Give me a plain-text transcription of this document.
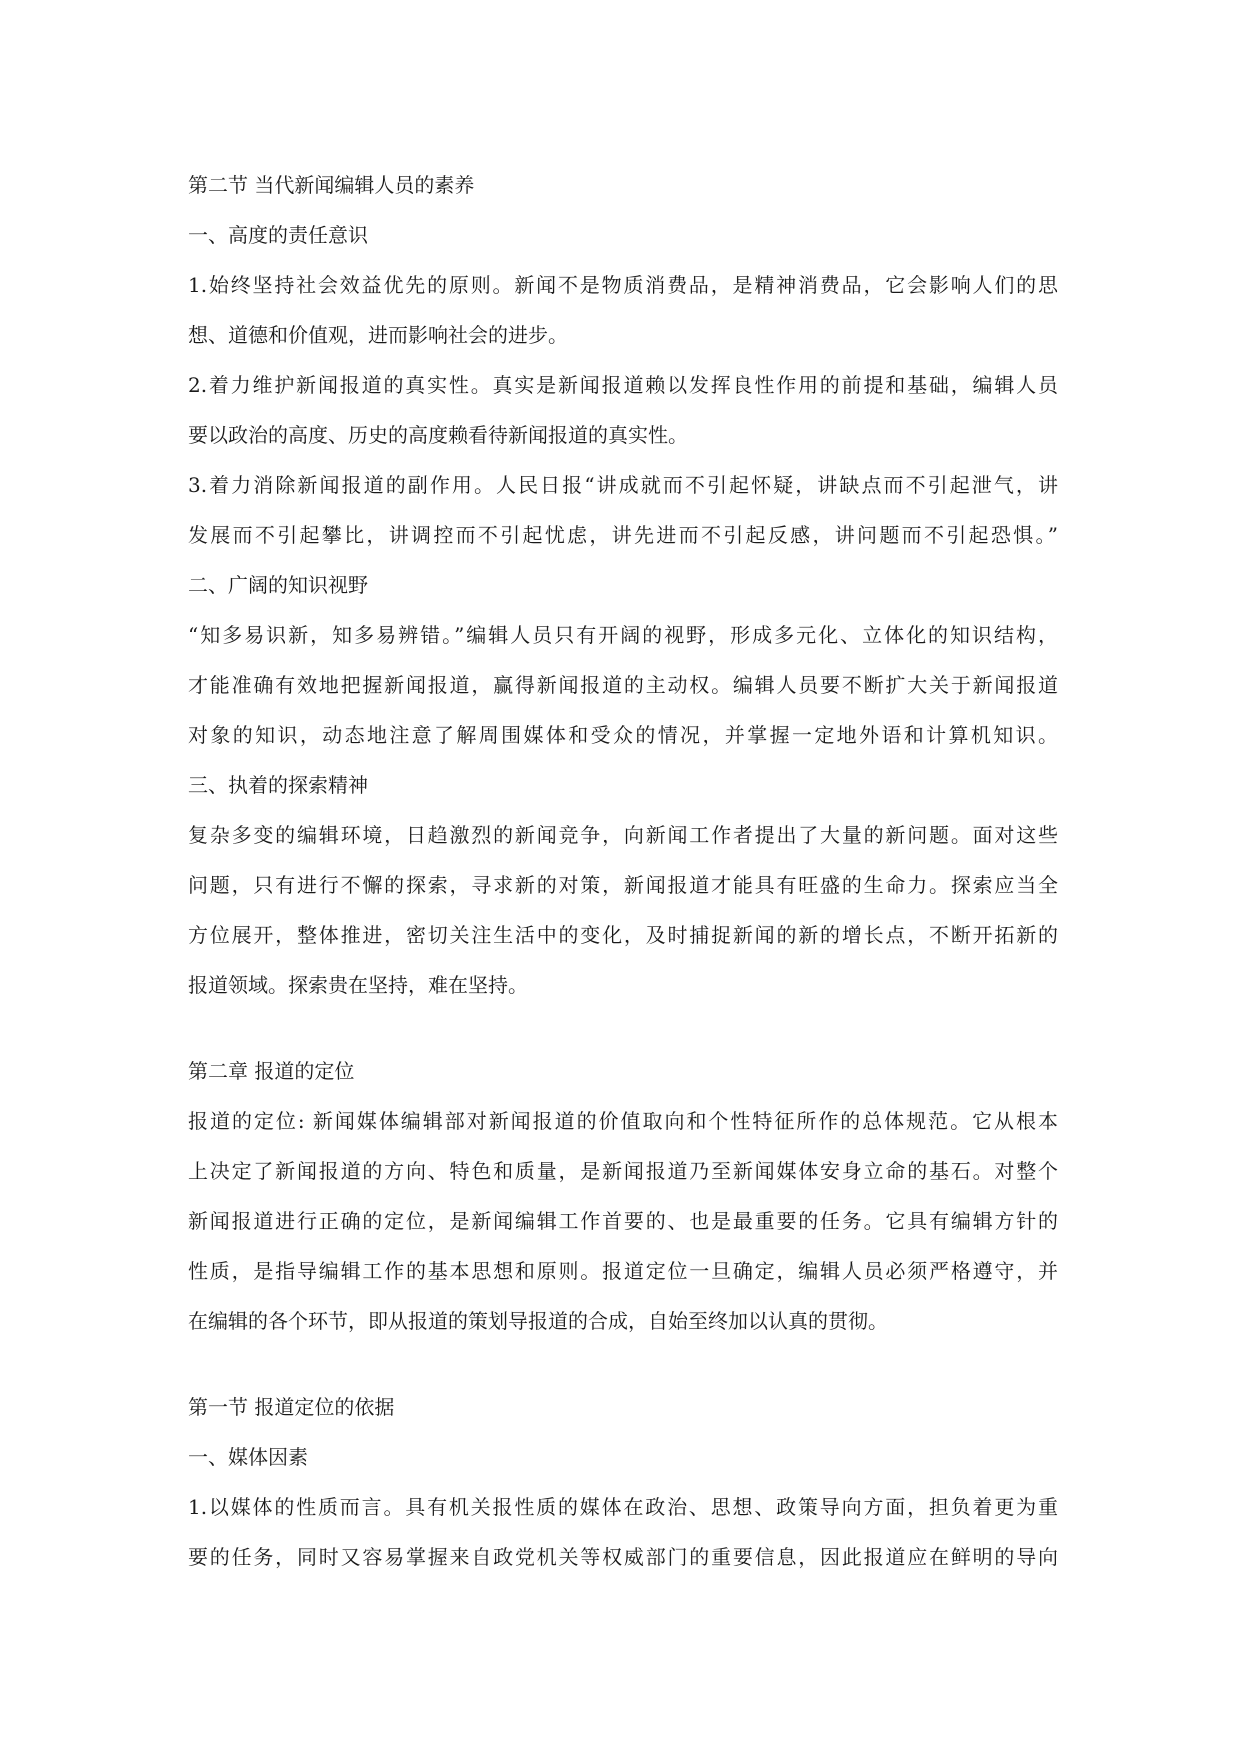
第二节 当代新闻编辑人员的素养

一、高度的责任意识

1.始终坚持社会效益优先的原则。新闻不是物质消费品，是精神消费品，它会影响人们的思

想、道德和价值观，进而影响社会的进步。

2.着力维护新闻报道的真实性。真实是新闻报道赖以发挥良性作用的前提和基础，编辑人员

要以政治的高度、历史的高度赖看待新闻报道的真实性。

3.着力消除新闻报道的副作用。人民日报“讲成就而不引起怀疑，讲缺点而不引起泄气，讲

发展而不引起攀比，讲调控而不引起忧虑，讲先进而不引起反感，讲问题而不引起恐惧。”

二、广阔的知识视野

“知多易识新，知多易辨错。”编辑人员只有开阔的视野，形成多元化、立体化的知识结构，

才能准确有效地把握新闻报道，赢得新闻报道的主动权。编辑人员要不断扩大关于新闻报道

对象的知识，动态地注意了解周围媒体和受众的情况，并掌握一定地外语和计算机知识。

三、执着的探索精神

复杂多变的编辑环境，日趋激烈的新闻竞争，向新闻工作者提出了大量的新问题。面对这些

问题，只有进行不懈的探索，寻求新的对策，新闻报道才能具有旺盛的生命力。探索应当全

方位展开，整体推进，密切关注生活中的变化，及时捕捉新闻的新的增长点，不断开拓新的

报道领域。探索贵在坚持，难在坚持。

第二章 报道的定位

报道的定位: 新闻媒体编辑部对新闻报道的价值取向和个性特征所作的总体规范。它从根本

上决定了新闻报道的方向、特色和质量，是新闻报道乃至新闻媒体安身立命的基石。对整个

新闻报道进行正确的定位，是新闻编辑工作首要的、也是最重要的任务。它具有编辑方针的

性质，是指导编辑工作的基本思想和原则。报道定位一旦确定，编辑人员必须严格遵守，并

在编辑的各个环节，即从报道的策划导报道的合成，自始至终加以认真的贯彻。

第一节 报道定位的依据

一、媒体因素

1.以媒体的性质而言。具有机关报性质的媒体在政治、思想、政策导向方面，担负着更为重

要的任务，同时又容易掌握来自政党机关等权威部门的重要信息，因此报道应在鲜明的导向
